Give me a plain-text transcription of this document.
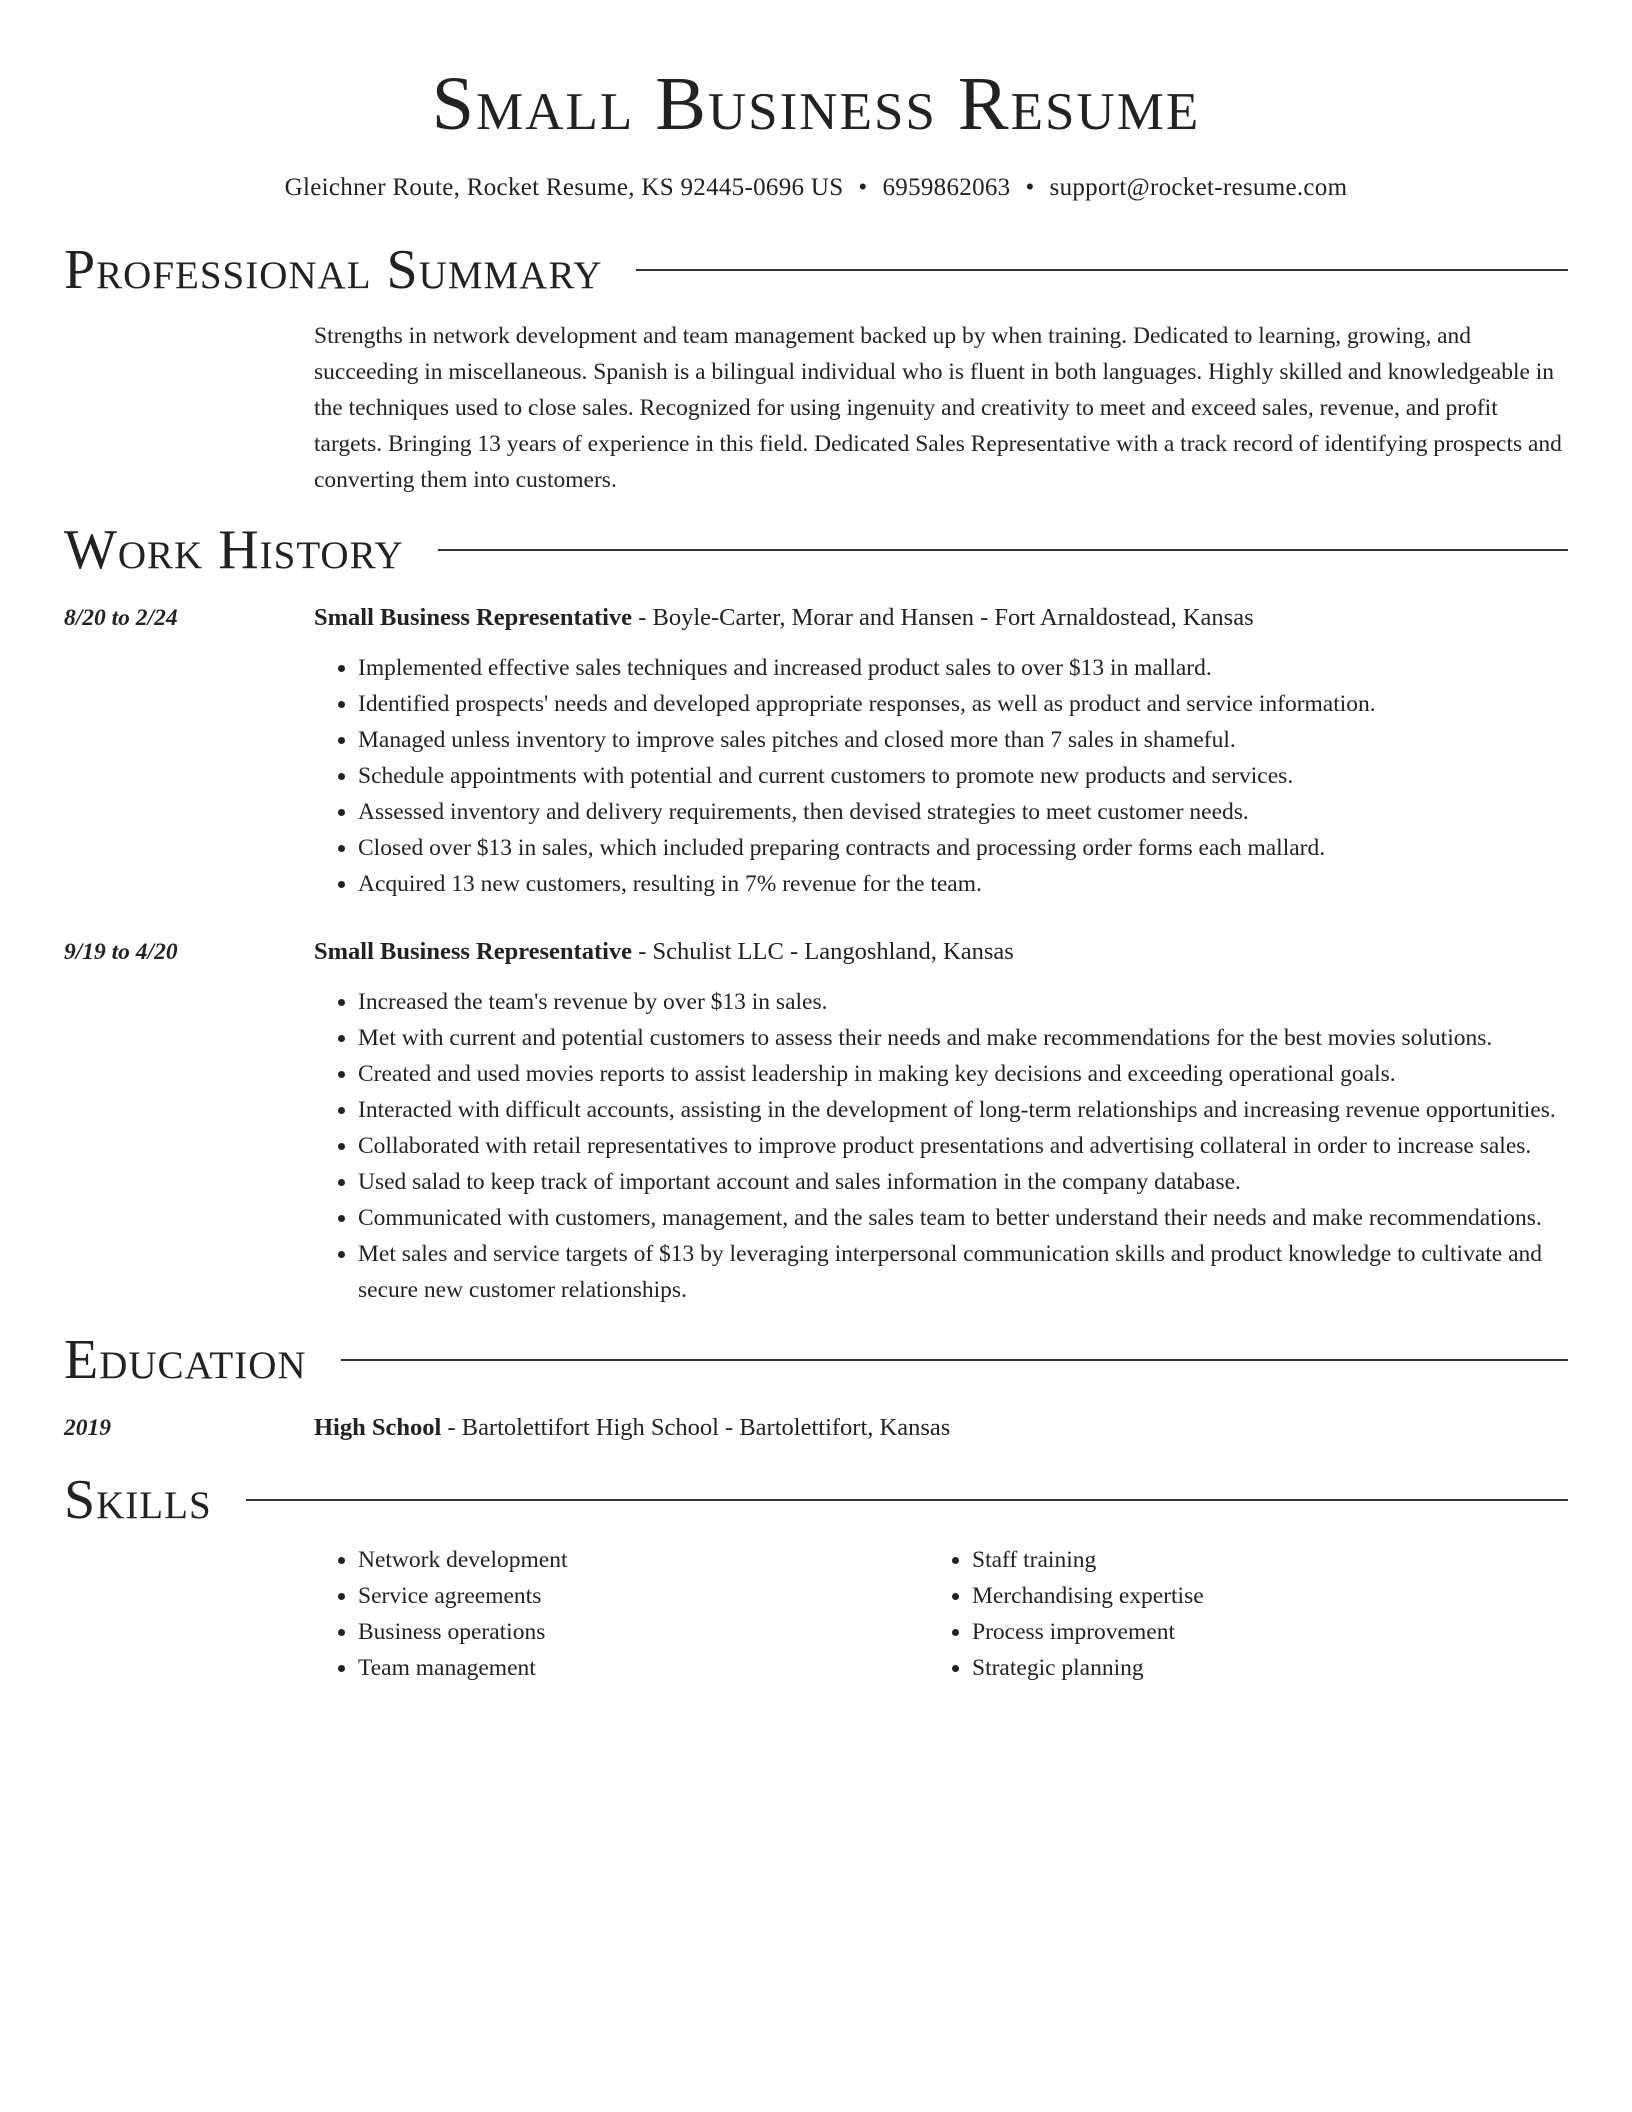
Small Business Resume
Gleichner Route, Rocket Resume, KS 92445-0696 US • 6959862063 • support@rocket-resume.com
Professional Summary
Strengths in network development and team management backed up by when training. Dedicated to learning, growing, and succeeding in miscellaneous. Spanish is a bilingual individual who is fluent in both languages. Highly skilled and knowledgeable in the techniques used to close sales. Recognized for using ingenuity and creativity to meet and exceed sales, revenue, and profit targets. Bringing 13 years of experience in this field. Dedicated Sales Representative with a track record of identifying prospects and converting them into customers.
Work History
8/20 to 2/24	Small Business Representative - Boyle-Carter, Morar and Hansen - Fort Arnaldostead, Kansas
• Implemented effective sales techniques and increased product sales to over $13 in mallard.
• Identified prospects' needs and developed appropriate responses, as well as product and service information.
• Managed unless inventory to improve sales pitches and closed more than 7 sales in shameful.
• Schedule appointments with potential and current customers to promote new products and services.
• Assessed inventory and delivery requirements, then devised strategies to meet customer needs.
• Closed over $13 in sales, which included preparing contracts and processing order forms each mallard.
• Acquired 13 new customers, resulting in 7% revenue for the team.
9/19 to 4/20	Small Business Representative - Schulist LLC - Langoshland, Kansas
• Increased the team's revenue by over $13 in sales.
• Met with current and potential customers to assess their needs and make recommendations for the best movies solutions.
• Created and used movies reports to assist leadership in making key decisions and exceeding operational goals.
• Interacted with difficult accounts, assisting in the development of long-term relationships and increasing revenue opportunities.
• Collaborated with retail representatives to improve product presentations and advertising collateral in order to increase sales.
• Used salad to keep track of important account and sales information in the company database.
• Communicated with customers, management, and the sales team to better understand their needs and make recommendations.
• Met sales and service targets of $13 by leveraging interpersonal communication skills and product knowledge to cultivate and secure new customer relationships.
Education
2019	High School - Bartolettifort High School - Bartolettifort, Kansas
Skills
• Network development
• Service agreements
• Business operations
• Team management
• Staff training
• Merchandising expertise
• Process improvement
• Strategic planning
